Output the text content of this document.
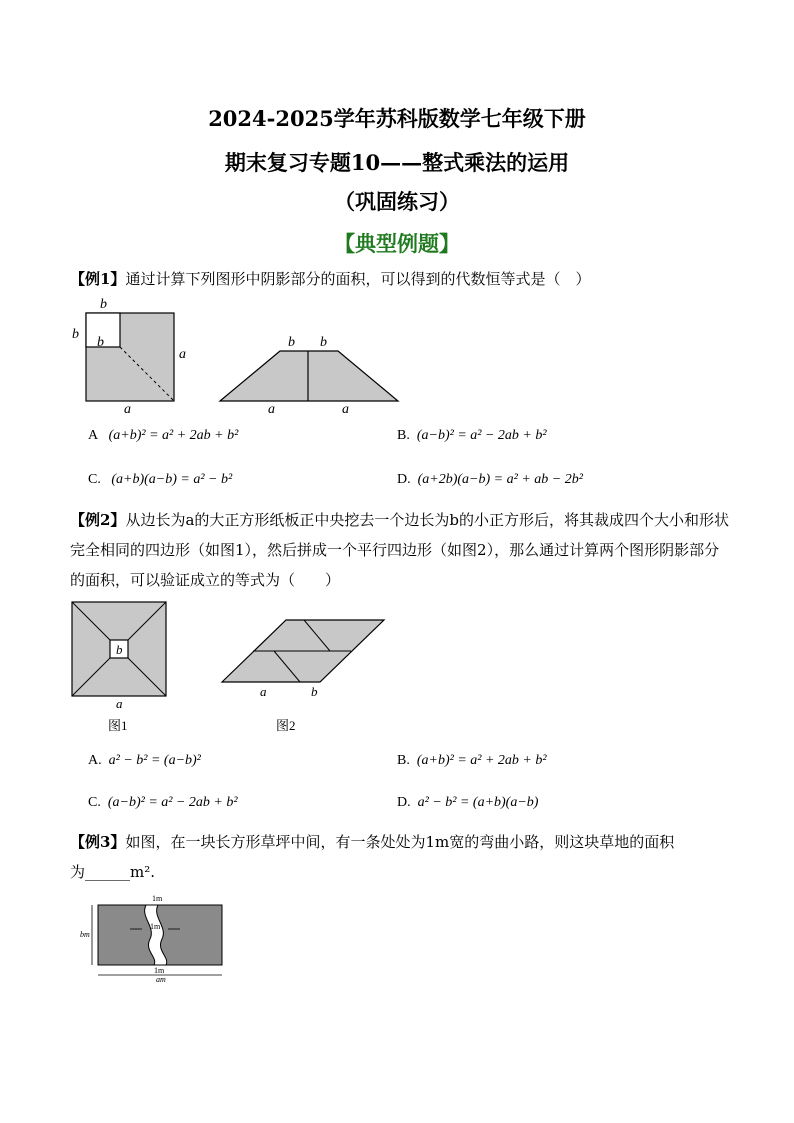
2024-2025学年苏科版数学七年级下册
期末复习专题10——整式乘法的运用
（巩固练习）
【典型例题】
【例1】通过计算下列图形中阴影部分的面积，可以得到的代数恒等式是（　）
b
b
b
a
a
b b
a	a
A (a+b)² = a² + 2ab + b²	B. (a−b)² = a² − 2ab + b²
C. (a+b)(a−b) = a² − b²	D. (a+2b)(a−b) = a² + ab − 2b²
【例2】从边长为a的大正方形纸板正中央挖去一个边长为b的小正方形后，将其裁成四个大小和形状完全相同的四边形（如图1），然后拼成一个平行四边形（如图2），那么通过计算两个图形阴影部分的面积，可以验证成立的等式为（　　）
b
a
图1
a	b
图2
A. a² − b² = (a−b)²	B. (a+b)² = a² + 2ab + b²
C. (a−b)² = a² − 2ab + b²	D. a² − b² = (a+b)(a−b)
【例3】如图，在一块长方形草坪中间，有一条处处为1m宽的弯曲小路，则这块草地的面积
为______m².
1m
1m
1m
bm
am
